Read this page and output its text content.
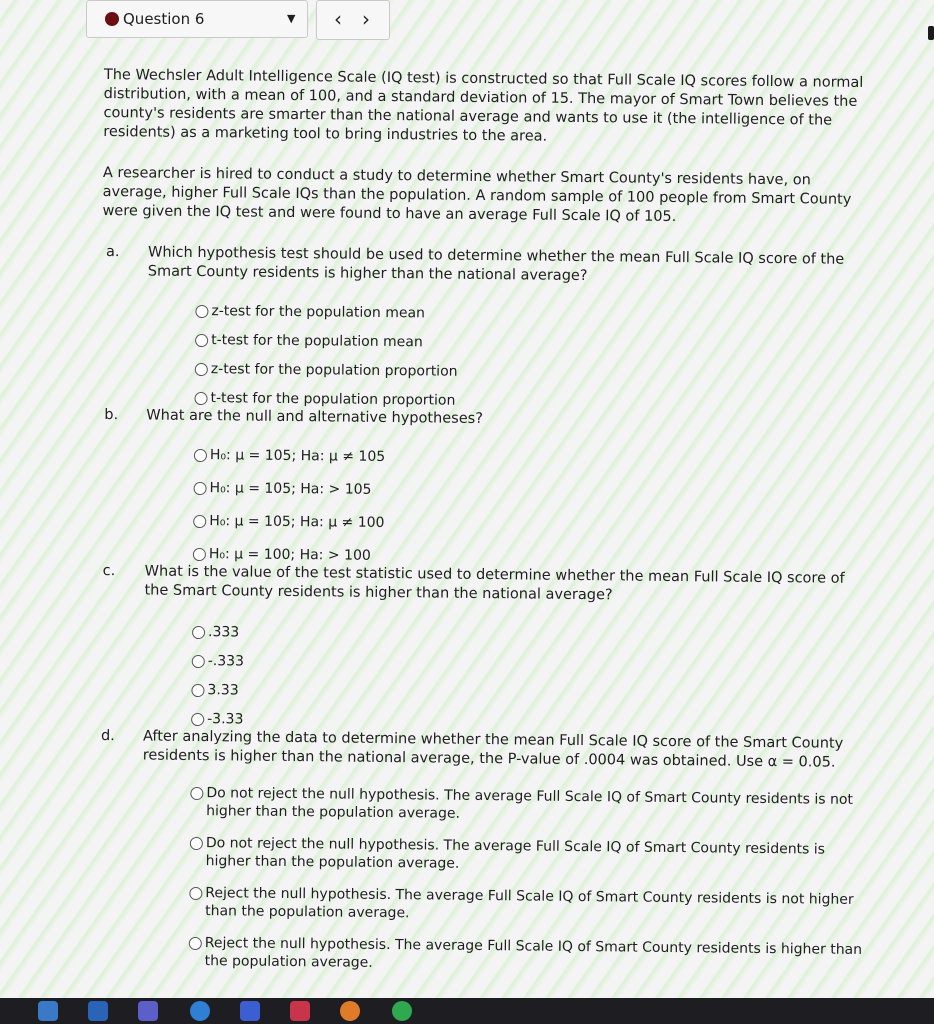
Question 6	▼ ‹ ›

The Wechsler Adult Intelligence Scale (IQ test) is constructed so that Full Scale IQ scores follow a normal distribution, with a mean of 100, and a standard deviation of 15. The mayor of Smart Town believes the county's residents are smarter than the national average and wants to use it (the intelligence of the residents) as a marketing tool to bring industries to the area.

A researcher is hired to conduct a study to determine whether Smart County's residents have, on average, higher Full Scale IQs than the population. A random sample of 100 people from Smart County were given the IQ test and were found to have an average Full Scale IQ of 105.

a.	Which hypothesis test should be used to determine whether the mean Full Scale IQ score of the Smart County residents is higher than the national average?
z-test for the population mean
t-test for the population mean
z-test for the population proportion
t-test for the population proportion
b.	What are the null and alternative hypotheses?
H₀: μ = 105; Ha: μ ≠ 105
H₀: μ = 105; Ha: > 105
H₀: μ = 105; Ha: μ ≠ 100
H₀: μ = 100; Ha: > 100
c.	What is the value of the test statistic used to determine whether the mean Full Scale IQ score of the Smart County residents is higher than the national average?
.333
-.333
3.33
-3.33
d.	After analyzing the data to determine whether the mean Full Scale IQ score of the Smart County residents is higher than the national average, the P-value of .0004 was obtained. Use α = 0.05.
Do not reject the null hypothesis. The average Full Scale IQ of Smart County residents is not higher than the population average.
Do not reject the null hypothesis. The average Full Scale IQ of Smart County residents is higher than the population average.
Reject the null hypothesis. The average Full Scale IQ of Smart County residents is not higher than the population average.
Reject the null hypothesis. The average Full Scale IQ of Smart County residents is higher than the population average.
